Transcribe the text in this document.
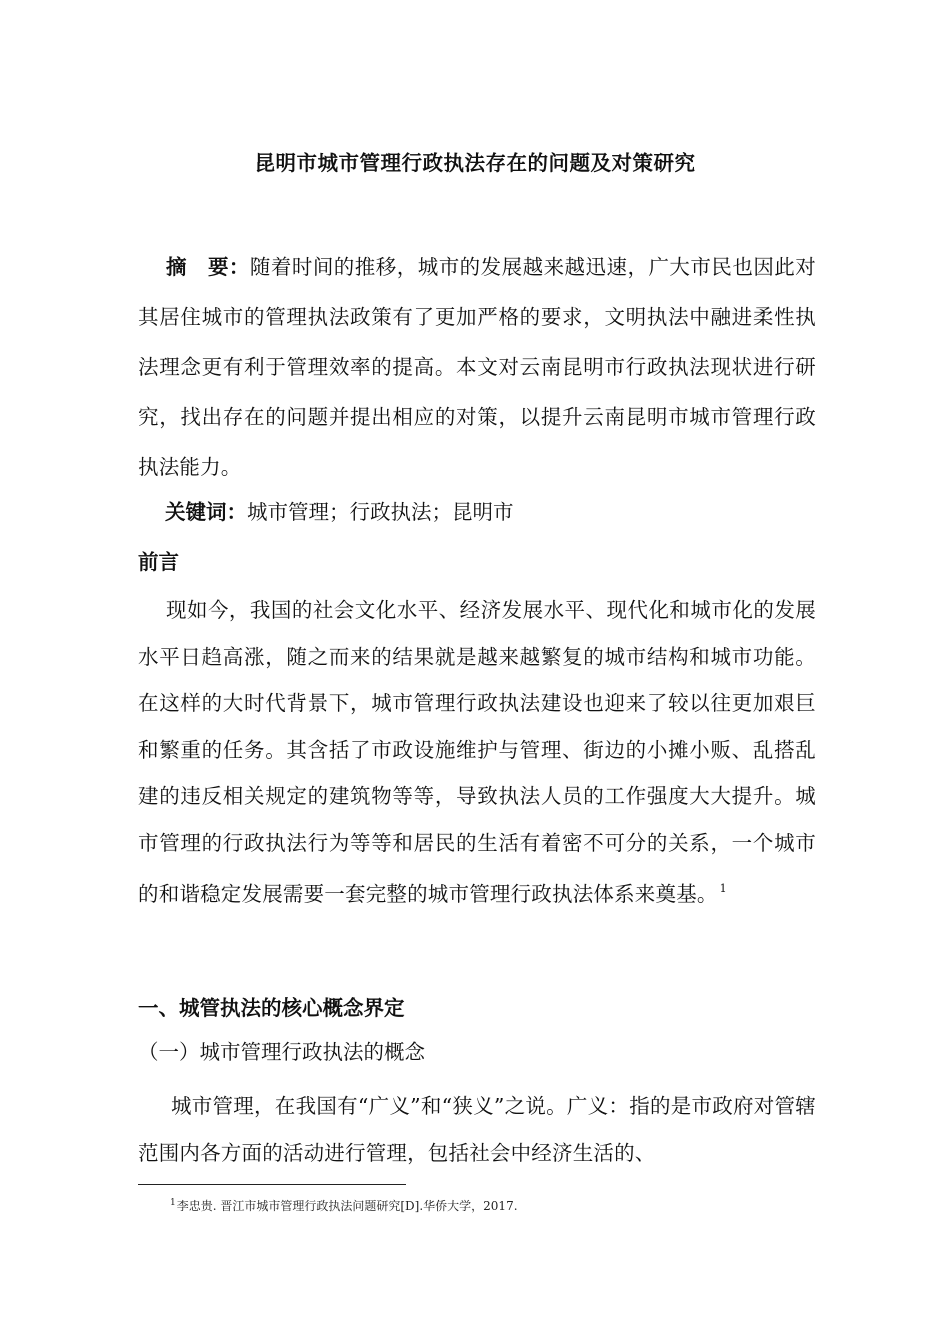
昆明市城市管理行政执法存在的问题及对策研究

摘　要：随着时间的推移，城市的发展越来越迅速，广大市民也因此对其居住城市的管理执法政策有了更加严格的要求，文明执法中融进柔性执法理念更有利于管理效率的提高。本文对云南昆明市行政执法现状进行研究，找出存在的问题并提出相应的对策，以提升云南昆明市城市管理行政执法能力。

关键词：城市管理；行政执法；昆明市
前言

现如今，我国的社会文化水平、经济发展水平、现代化和城市化的发展水平日趋高涨，随之而来的结果就是越来越繁复的城市结构和城市功能。在这样的大时代背景下，城市管理行政执法建设也迎来了较以往更加艰巨和繁重的任务。其含括了市政设施维护与管理、街边的小摊小贩、乱搭乱建的违反相关规定的建筑物等等，导致执法人员的工作强度大大提升。城市管理的行政执法行为等等和居民的生活有着密不可分的关系，一个城市的和谐稳定发展需要一套完整的城市管理行政执法体系来奠基。 $^1$

一、城管执法的核心概念界定
（一）城市管理行政执法的概念

城市管理，在我国有“广义”和“狭义”之说。广义：指的是市政府对管辖范围内各方面的活动进行管理，包括社会中经济生活的、

$^1$李忠贵. 晋江市城市管理行政执法问题研究[D].华侨大学，2017.
